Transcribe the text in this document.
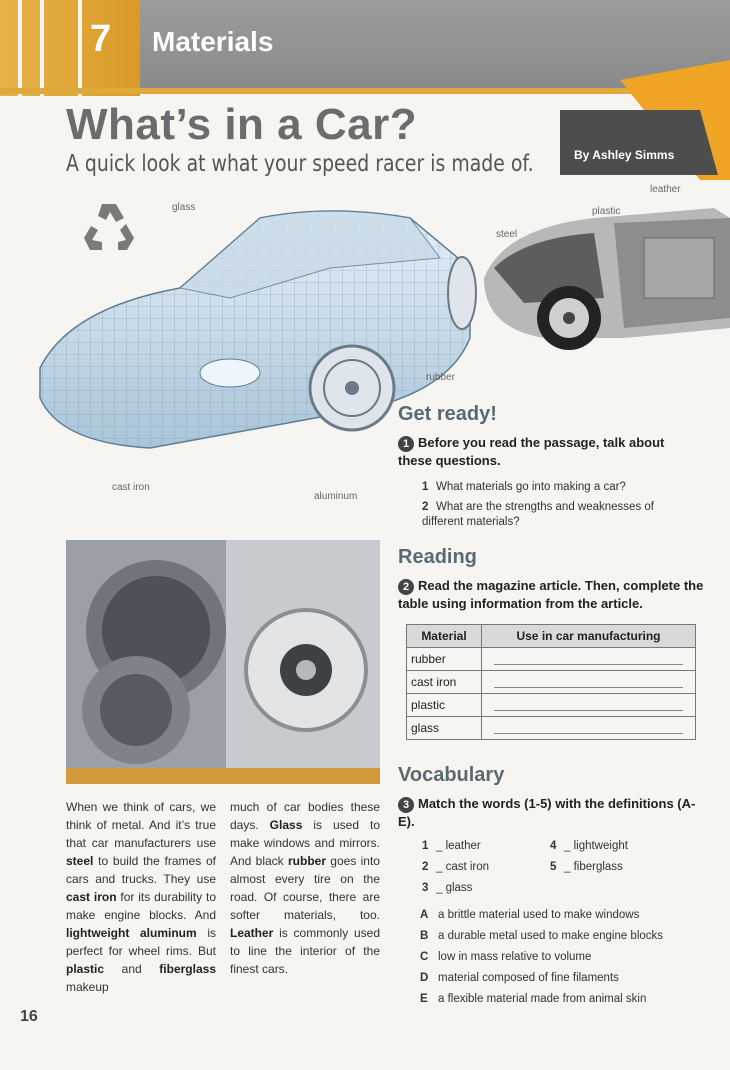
7 Materials
By Ashley Simms
What’s in a Car?
A quick look at what your speed racer is made of.
glass
steel
plastic
leather
rubber
cast iron
aluminum
When we think of cars, we think of metal. And it’s true that car manufacturers use steel to build the frames of cars and trucks. They use cast iron for its durability to make engine blocks. And lightweight aluminum is perfect for wheel rims. But plastic and fiberglass makeup
much of car bodies these days. Glass is used to make windows and mirrors. And black rubber goes into almost every tire on the road. Of course, there are softer materials, too. Leather is commonly used to line the interior of the finest cars.
Get ready!
1 Before you read the passage, talk about these questions.
1 What materials go into making a car?
2 What are the strengths and weaknesses of different materials?
Reading
2 Read the magazine article. Then, complete the table using information from the article.
Material	Use in car manufacturing
rubber	

cast iron	

plastic	

glass	
Vocabulary
3 Match the words (1-5) with the definitions (A-E).
1 _ leather
2 _ cast iron
3 _ glass
4 _ lightweight
5 _ fiberglass
A a brittle material used to make windows
B a durable metal used to make engine blocks
C low in mass relative to volume
D material composed of fine filaments
E a flexible material made from animal skin
16
